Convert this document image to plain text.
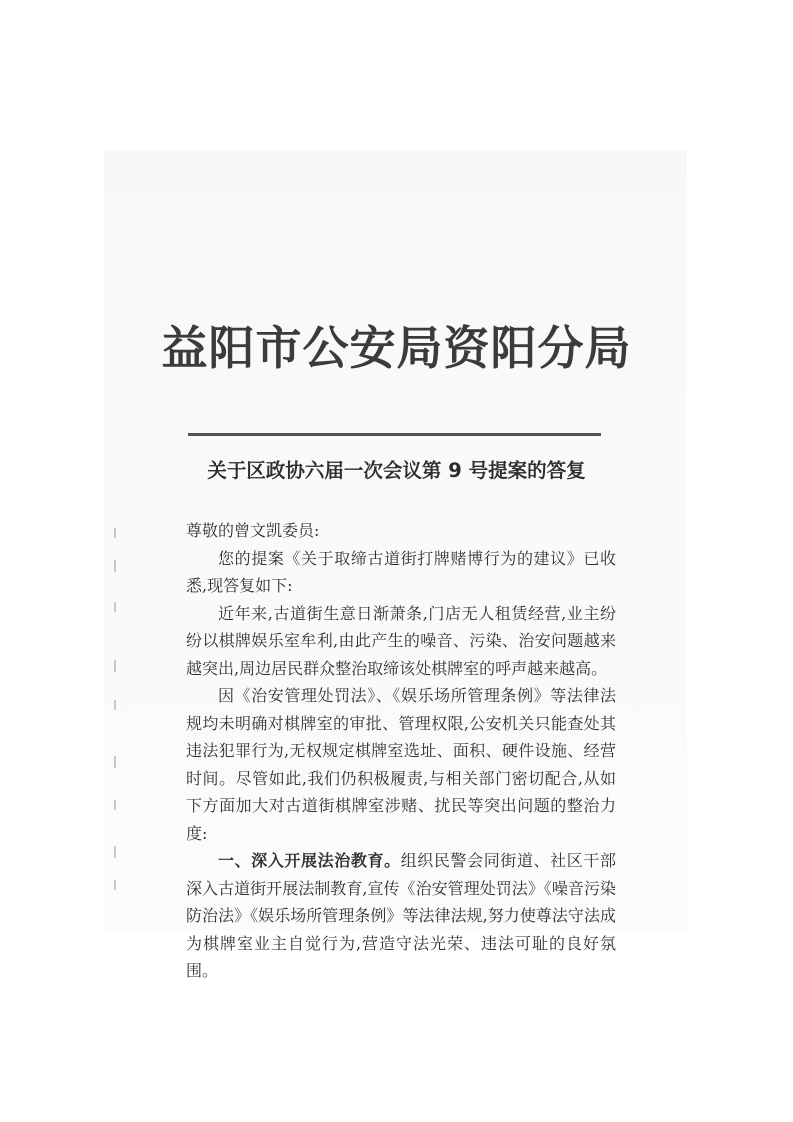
益阳市公安局资阳分局
关于区政协六届一次会议第 9 号提案的答复

尊敬的曾文凯委员:

您的提案《关于取缔古道街打牌赌博行为的建议》已收悉,现答复如下:

近年来,古道街生意日渐萧条,门店无人租赁经营,业主纷纷以棋牌娱乐室牟利,由此产生的噪音、污染、治安问题越来越突出,周边居民群众整治取缔该处棋牌室的呼声越来越高。

因《治安管理处罚法》、《娱乐场所管理条例》等法律法规均未明确对棋牌室的审批、管理权限,公安机关只能查处其违法犯罪行为,无权规定棋牌室选址、面积、硬件设施、经营时间。尽管如此,我们仍积极履责,与相关部门密切配合,从如下方面加大对古道街棋牌室涉赌、扰民等突出问题的整治力度:

一、深入开展法治教育。组织民警会同街道、社区干部深入古道街开展法制教育,宣传《治安管理处罚法》《噪音污染防治法》《娱乐场所管理条例》等法律法规,努力使尊法守法成为棋牌室业主自觉行为,营造守法光荣、违法可耻的良好氛围。
